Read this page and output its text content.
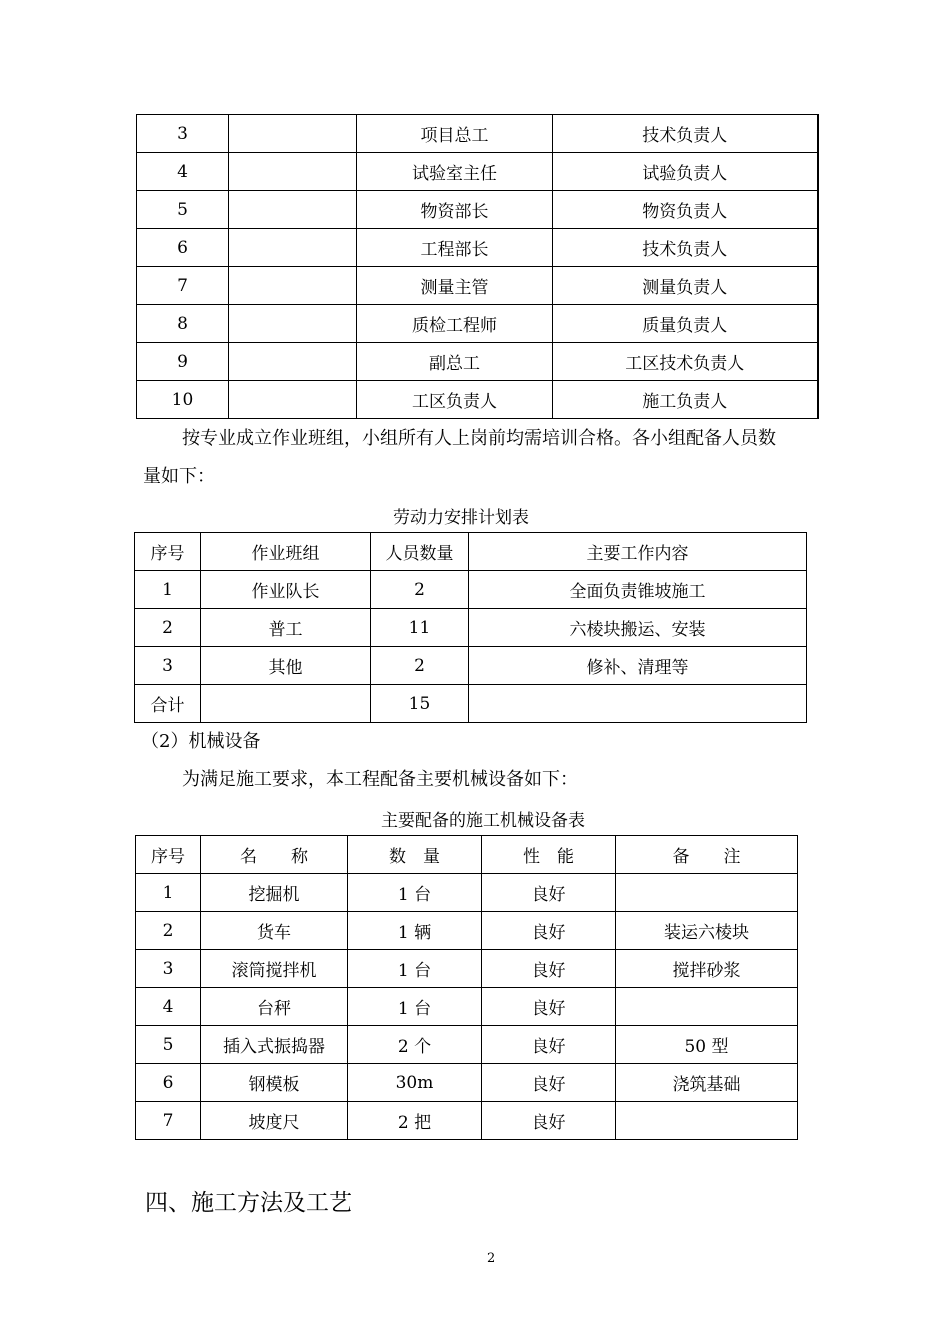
3		项目总工	技术负责人
4		试验室主任	试验负责人
5		物资部长	物资负责人
6		工程部长	技术负责人
7		测量主管	测量负责人
8		质检工程师	质量负责人
9		副总工	工区技术负责人
10		工区负责人	施工负责人
按专业成立作业班组，小组所有人上岗前均需培训合格。各小组配备人员数
量如下：
劳动力安排计划表
序号	作业班组	人员数量	主要工作内容
1	作业队长	2	全面负责锥坡施工
2	普工	11	六棱块搬运、安装
3	其他	2	修补、清理等
合计		15	
（2）机械设备
为满足施工要求，本工程配备主要机械设备如下：
主要配备的施工机械设备表
序号	名　　称	数　量	性　能	备　　注
1	挖掘机	1 台	良好	
2	货车	1 辆	良好	装运六棱块
3	滚筒搅拌机	1 台	良好	搅拌砂浆
4	台秤	1 台	良好	
5	插入式振捣器	2 个	良好	50 型
6	钢模板	30m	良好	浇筑基础
7	坡度尺	2 把	良好	
四、施工方法及工艺
2
